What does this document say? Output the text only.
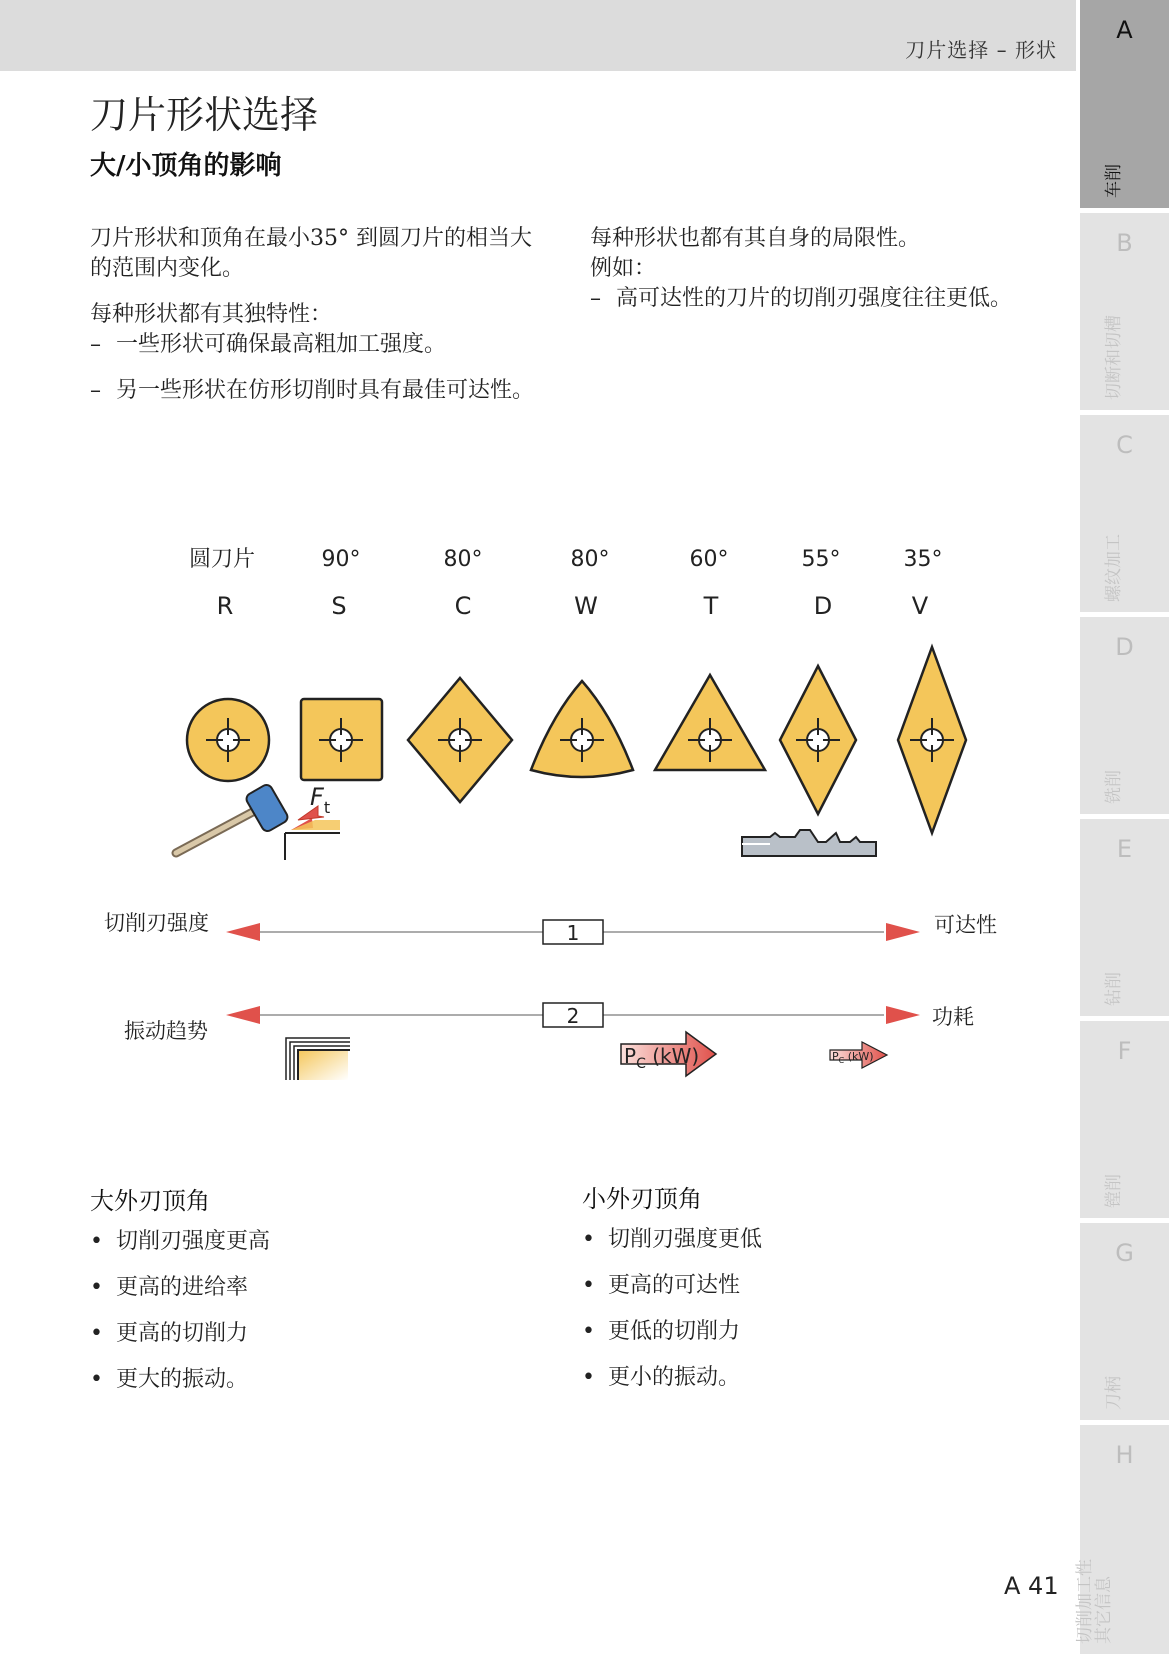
刀片选择 – 形状
A
车削
B
切断和切槽
C
螺纹加工
D
铣削
E
钻削
F
镗削
G
刀柄
H
切削加工性
其它信息
刀片形状选择
大/小顶角的影响

刀片形状和顶角在最小35° 到圆刀片的相当大的范围内变化。

每种形状都有其独特性：

– 一些形状可确保最高粗加工强度。
– 另一些形状在仿形切削时具有最佳可达性。

每种形状也都有其自身的局限性。

例如：

– 高可达性的刀片的切削刃强度往往更低。
圆刀片	90°	80°	80°	60°	55°	35°
R	S	C	W	T	D	V
$F_t$
1
切削刃强度	可达性
2
振动趋势
功耗
$P_C$ (kW)	$P_C$ (kW)
大外刃顶角
• 切削刃强度更高
• 更高的进给率
• 更高的切削力
• 更大的振动。
小外刃顶角
• 切削刃强度更低
• 更高的可达性
• 更低的切削力
• 更小的振动。
A 41
